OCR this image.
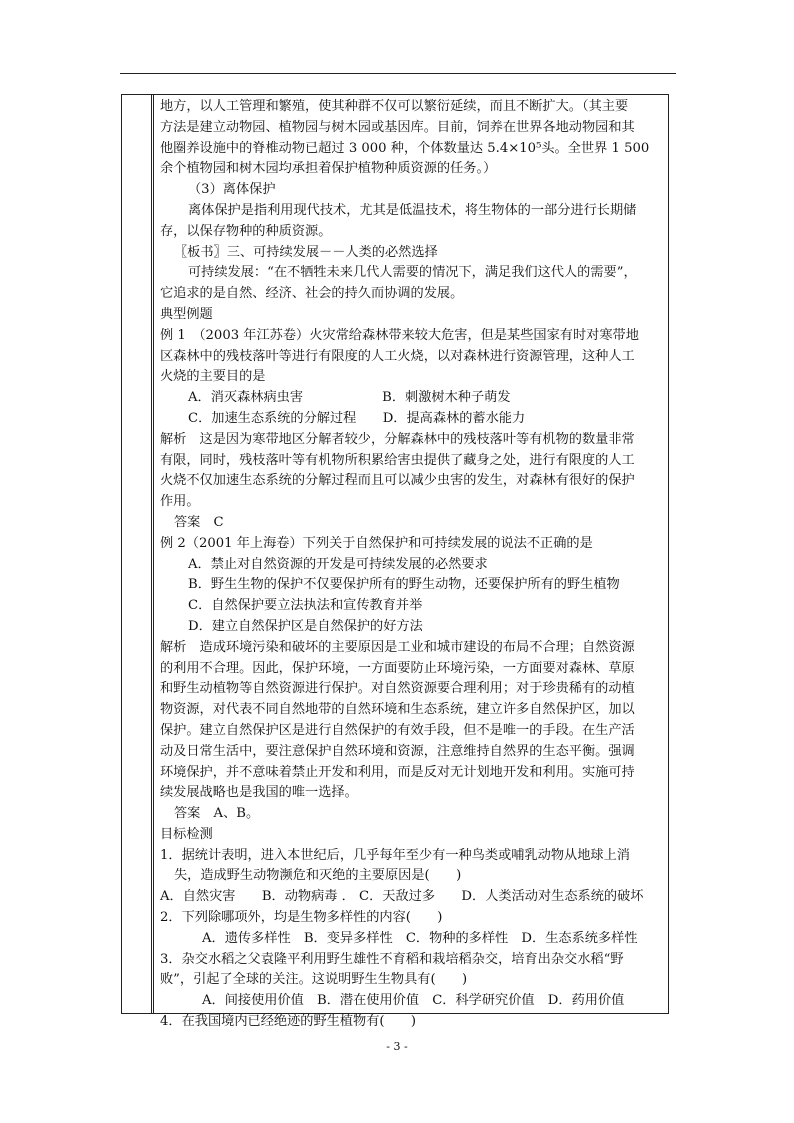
地方，以人工管理和繁殖，使其种群不仅可以繁衍延续，而且不断扩大。（其主要

方法是建立动物园、植物园与树木园或基因库。目前，饲养在世界各地动物园和其

他圈养设施中的脊椎动物已超过 3 000 种，个体数量达 5.4×10⁵头。全世界 1 500

余个植物园和树木园均承担着保护植物种质资源的任务。）

（3）离体保护

离体保护是指利用现代技术，尤其是低温技术，将生物体的一部分进行长期储

存，以保存物种的种质资源。

〖板书〗三、可持续发展－－人类的必然选择

可持续发展：“在不牺牲未来几代人需要的情况下，满足我们这代人的需要”，

它追求的是自然、经济、社会的持久而协调的发展。

典型例题

例 1　（2003 年江苏卷）火灾常给森林带来较大危害，但是某些国家有时对寒带地

区森林中的残枝落叶等进行有限度的人工火烧，以对森林进行资源管理，这种人工

火烧的主要目的是

A．消灭森林病虫害　　　　　　B．刺激树木种子萌发

C．加速生态系统的分解过程　　D．提高森林的蓄水能力

解析　这是因为寒带地区分解者较少，分解森林中的残枝落叶等有机物的数量非常

有限，同时，残枝落叶等有机物所积累给害虫提供了藏身之处，进行有限度的人工

火烧不仅加速生态系统的分解过程而且可以减少虫害的发生，对森林有很好的保护

作用。

答案　C

例 2（2001 年上海卷）下列关于自然保护和可持续发展的说法不正确的是

A．禁止对自然资源的开发是可持续发展的必然要求

B．野生生物的保护不仅要保护所有的野生动物，还要保护所有的野生植物

C．自然保护要立法执法和宣传教育并举

D．建立自然保护区是自然保护的好方法

解析　造成环境污染和破坏的主要原因是工业和城市建设的布局不合理；自然资源

的利用不合理。因此，保护环境，一方面要防止环境污染，一方面要对森林、草原

和野生动植物等自然资源进行保护。对自然资源要合理利用；对于珍贵稀有的动植

物资源，对代表不同自然地带的自然环境和生态系统，建立许多自然保护区，加以

保护。建立自然保护区是进行自然保护的有效手段，但不是唯一的手段。在生产活

动及日常生活中，要注意保护自然环境和资源，注意维持自然界的生态平衡。强调

环境保护，并不意味着禁止开发和利用，而是反对无计划地开发和利用。实施可持

续发展战略也是我国的唯一选择。

答案　A、B。

目标检测

1．据统计表明，进入本世纪后，几乎每年至少有一种鸟类或哺乳动物从地球上消

失，造成野生动物濒危和灭绝的主要原因是(　　)

A．自然灾害　　B．动物病毒 ． C．天敌过多　　D．人类活动对生态系统的破坏

2．下列除哪项外，均是生物多样性的内容(　　)

A．遗传多样性　B．变异多样性　C．物种的多样性　D．生态系统多样性

3．杂交水稻之父袁隆平利用野生雄性不育稻和栽培稻杂交，培育出杂交水稻“野

败”，引起了全球的关注。这说明野生生物具有(　　)

A．间接使用价值　B．潜在使用价值　C．科学研究价值　D．药用价值

4．在我国境内已经绝迹的野生植物有(　　)

- 3 -
